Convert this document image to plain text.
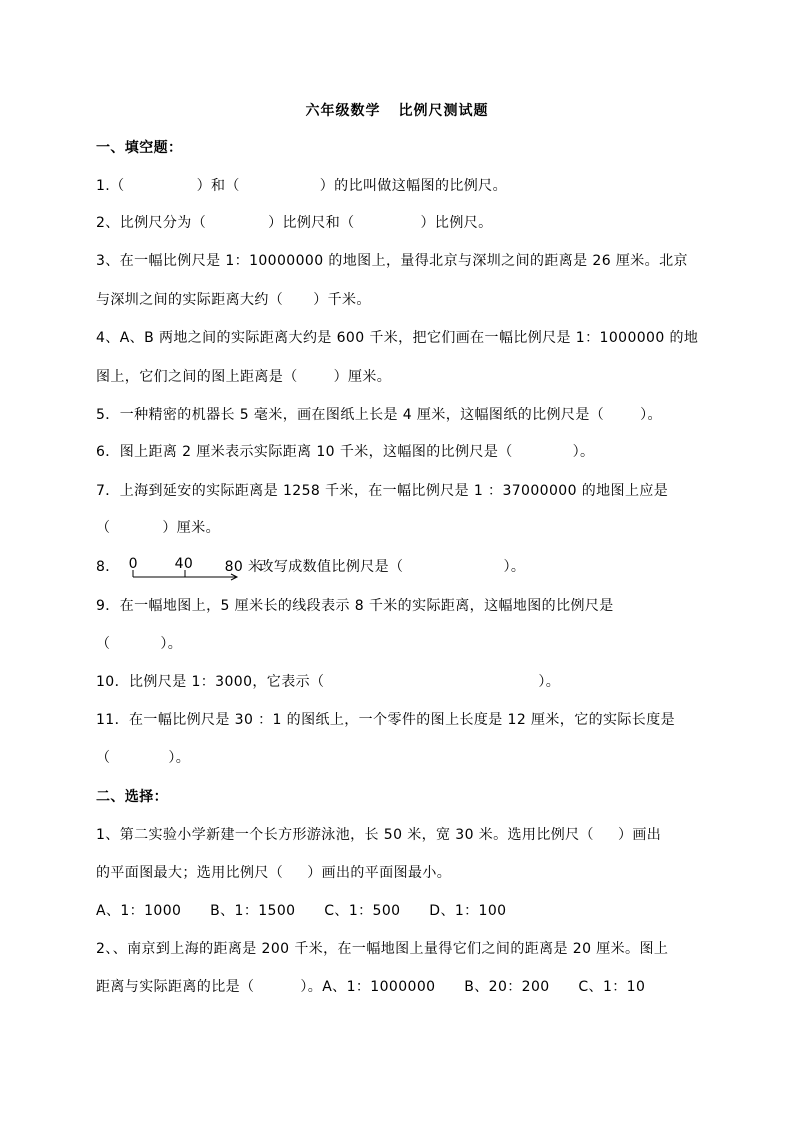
六年级数学 比例尺测试题
一、填空题：
1.（	）和（	）的比叫做这幅图的比例尺。
2、比例尺分为（	）比例尺和（	）比例尺。
3、在一幅比例尺是 1：10000000 的地图上，量得北京与深圳之间的距离是 26 厘米。北京
与深圳之间的实际距离大约（ ）千米。
4、A、B 两地之间的实际距离大约是 600 千米，把它们画在一幅比例尺是 1：1000000 的地
图上，它们之间的图上距离是（	）厘米。
5．一种精密的机器长 5 毫米，画在图纸上长是 4 厘米，这幅图纸的比例尺是（	）。
6．图上距离 2 厘米表示实际距离 10 千米，这幅图的比例尺是（	）。
7．上海到延安的实际距离是 1258 千米，在一幅比例尺是 1 ：37000000 的地图上应是
（	）厘米。
8． 0	40 80 米
改写成数值比例尺是（	）。
9．在一幅地图上，5 厘米长的线段表示 8 千米的实际距离，这幅地图的比例尺是
（	）。
10．比例尺是 1：3000，它表示（	）。
11．在一幅比例尺是 30 ：1 的图纸上，一个零件的图上长度是 12 厘米，它的实际长度是
（	）。
二、选择：
1、第二实验小学新建一个长方形游泳池，长 50 米，宽 30 米。选用比例尺（ ）画出
的平面图最大；选用比例尺（ ）画出的平面图最小。
A、1：1000　　B、1：1500　　C、1：500　　D、1：100
2、、南京到上海的距离是 200 千米，在一幅地图上量得它们之间的距离是 20 厘米。图上
距离与实际距离的比是（	）。A、1：1000000　　B、20：200　　C、1：10
